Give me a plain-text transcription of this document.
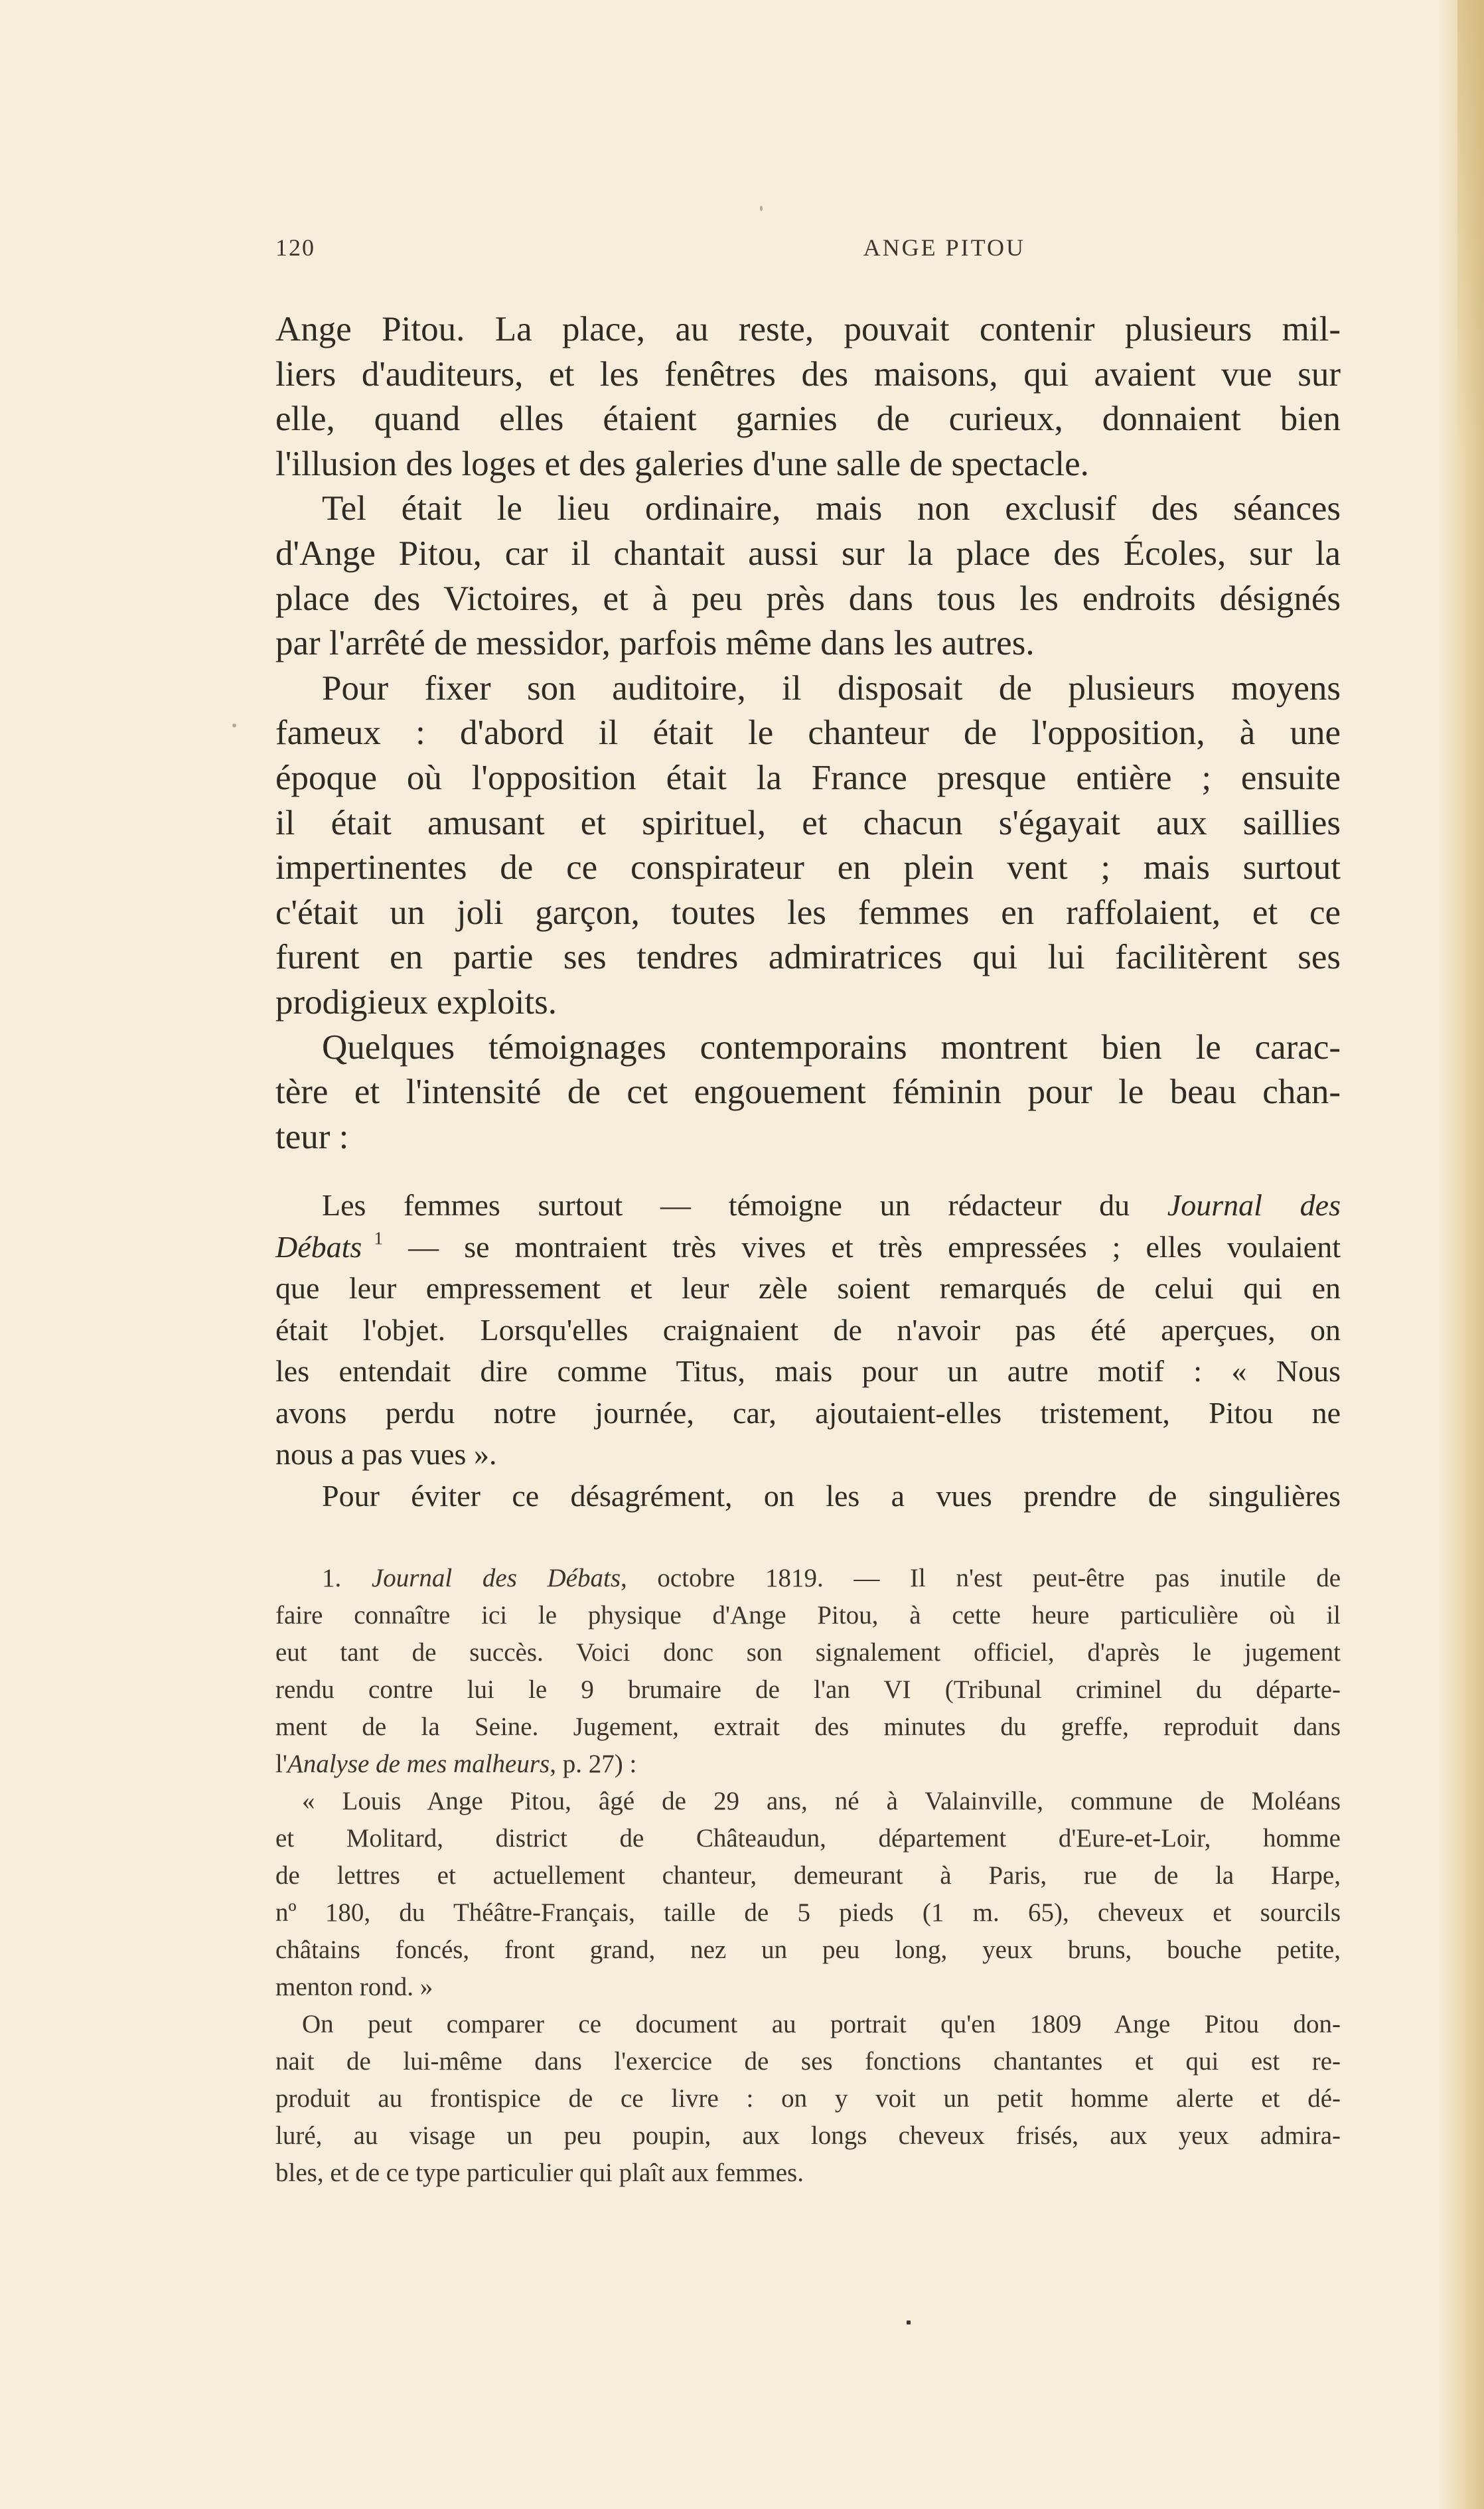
120	ANGE PITOU

Ange Pitou. La place, au reste, pouvait contenir plusieurs mil-
liers d'auditeurs, et les fenêtres des maisons, qui avaient vue sur
elle, quand elles étaient garnies de curieux, donnaient bien
l'illusion des loges et des galeries d'une salle de spectacle.

Tel était le lieu ordinaire, mais non exclusif des séances
d'Ange Pitou, car il chantait aussi sur la place des Écoles, sur la
place des Victoires, et à peu près dans tous les endroits désignés
par l'arrêté de messidor, parfois même dans les autres.

Pour fixer son auditoire, il disposait de plusieurs moyens
fameux : d'abord il était le chanteur de l'opposition, à une
époque où l'opposition était la France presque entière ; ensuite
il était amusant et spirituel, et chacun s'égayait aux saillies
impertinentes de ce conspirateur en plein vent ; mais surtout
c'était un joli garçon, toutes les femmes en raffolaient, et ce
furent en partie ses tendres admiratrices qui lui facilitèrent ses
prodigieux exploits.

Quelques témoignages contemporains montrent bien le carac-
tère et l'intensité de cet engouement féminin pour le beau chan-
teur :

Les femmes surtout — témoigne un rédacteur du Journal des
Débats $^1$ — se montraient très vives et très empressées ; elles voulaient
que leur empressement et leur zèle soient remarqués de celui qui en
était l'objet. Lorsqu'elles craignaient de n'avoir pas été aperçues, on
les entendait dire comme Titus, mais pour un autre motif : « Nous
avons perdu notre journée, car, ajoutaient-elles tristement, Pitou ne
nous a pas vues ».

Pour éviter ce désagrément, on les a vues prendre de singulières

1. Journal des Débats, octobre 1819. — Il n'est peut-être pas inutile de
faire connaître ici le physique d'Ange Pitou, à cette heure particulière où il
eut tant de succès. Voici donc son signalement officiel, d'après le jugement
rendu contre lui le 9 brumaire de l'an VI (Tribunal criminel du départe-
ment de la Seine. Jugement, extrait des minutes du greffe, reproduit dans
l'Analyse de mes malheurs, p. 27) :

« Louis Ange Pitou, âgé de 29 ans, né à Valainville, commune de Moléans
et Molitard, district de Châteaudun, département d'Eure-et-Loir, homme
de lettres et actuellement chanteur, demeurant à Paris, rue de la Harpe,
nº 180, du Théâtre-Français, taille de 5 pieds (1 m. 65), cheveux et sourcils
châtains foncés, front grand, nez un peu long, yeux bruns, bouche petite,
menton rond. »

On peut comparer ce document au portrait qu'en 1809 Ange Pitou don-
nait de lui-même dans l'exercice de ses fonctions chantantes et qui est re-
produit au frontispice de ce livre : on y voit un petit homme alerte et dé-
luré, au visage un peu poupin, aux longs cheveux frisés, aux yeux admira-
bles, et de ce type particulier qui plaît aux femmes.
